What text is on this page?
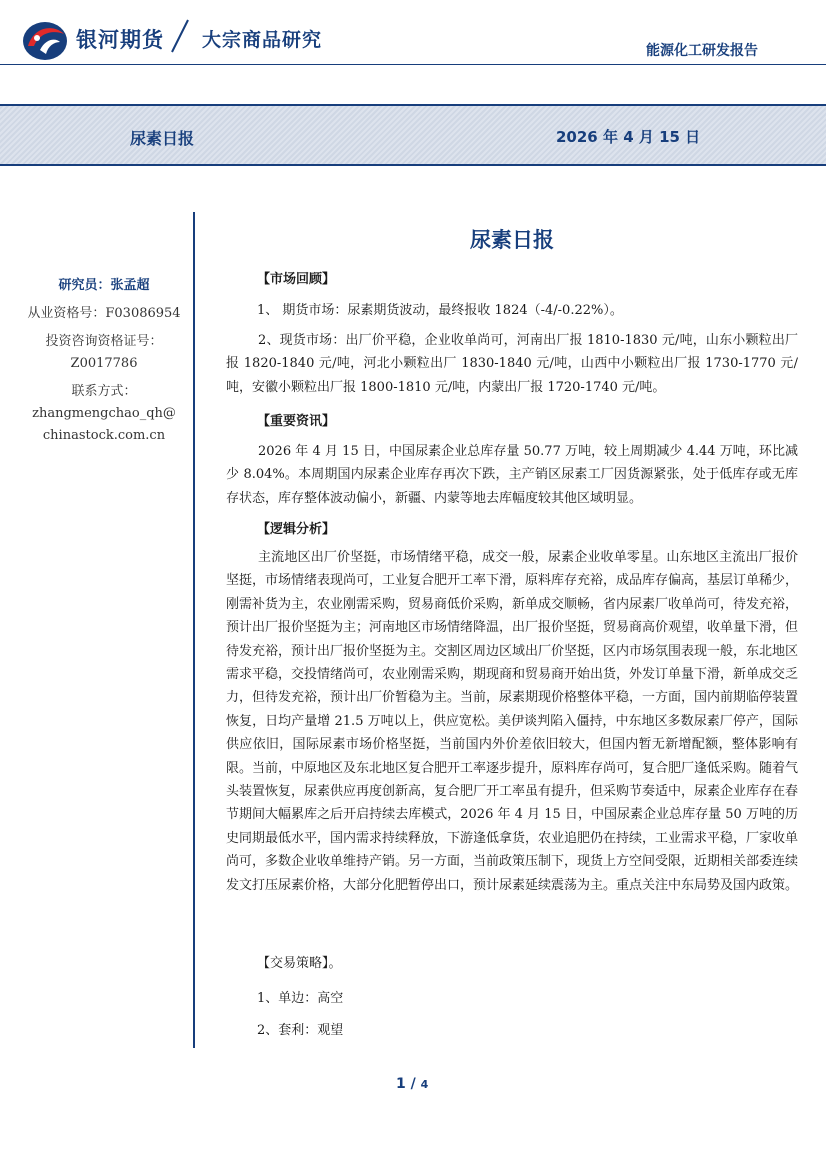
银河期货 大宗商品研究	能源化工研发报告
尿素日报	2026 年 4 月 15 日
研究员：张孟超
从业资格号：F03086954
投资咨询资格证号：
Z0017786
联系方式：
zhangmengchao_qh@
chinastock.com.cn
尿素日报
【市场回顾】
1、 期货市场：尿素期货波动，最终报收 1824（-4/-0.22%）。
2、现货市场：出厂价平稳，企业收单尚可，河南出厂报 1810-1830 元/吨，山东小颗粒出厂报 1820-1840 元/吨，河北小颗粒出厂 1830-1840 元/吨，山西中小颗粒出厂报 1730-1770 元/吨，安徽小颗粒出厂报 1800-1810 元/吨，内蒙出厂报 1720-1740 元/吨。
【重要资讯】
2026 年 4 月 15 日，中国尿素企业总库存量 50.77 万吨，较上周期减少 4.44 万吨，环比减少 8.04%。本周期国内尿素企业库存再次下跌，主产销区尿素工厂因货源紧张，处于低库存或无库存状态，库存整体波动偏小，新疆、内蒙等地去库幅度较其他区域明显。
【逻辑分析】
主流地区出厂价坚挺，市场情绪平稳，成交一般，尿素企业收单零星。山东地区主流出厂报价坚挺，市场情绪表现尚可，工业复合肥开工率下滑，原料库存充裕，成品库存偏高，基层订单稀少，刚需补货为主，农业刚需采购，贸易商低价采购，新单成交顺畅，省内尿素厂收单尚可，待发充裕，预计出厂报价坚挺为主；河南地区市场情绪降温，出厂报价坚挺，贸易商高价观望，收单量下滑，但待发充裕，预计出厂报价坚挺为主。交割区周边区域出厂价坚挺，区内市场氛围表现一般，东北地区需求平稳，交投情绪尚可，农业刚需采购，期现商和贸易商开始出货，外发订单量下滑，新单成交乏力，但待发充裕，预计出厂价暂稳为主。当前，尿素期现价格整体平稳，一方面，国内前期临停装置恢复，日均产量增 21.5 万吨以上，供应宽松。美伊谈判陷入僵持，中东地区多数尿素厂停产，国际供应依旧，国际尿素市场价格坚挺，当前国内外价差依旧较大，但国内暂无新增配额，整体影响有限。当前，中原地区及东北地区复合肥开工率逐步提升，原料库存尚可，复合肥厂逢低采购。随着气头装置恢复，尿素供应再度创新高，复合肥厂开工率虽有提升，但采购节奏适中，尿素企业库存在春节期间大幅累库之后开启持续去库模式，2026 年 4 月 15 日，中国尿素企业总库存量 50 万吨的历史同期最低水平，国内需求持续释放，下游逢低拿货，农业追肥仍在持续，工业需求平稳，厂家收单尚可，多数企业收单维持产销。另一方面，当前政策压制下，现货上方空间受限，近期相关部委连续发文打压尿素价格，大部分化肥暂停出口，预计尿素延续震荡为主。重点关注中东局势及国内政策。
【交易策略】。
1、单边：高空
2、套利：观望
1 / 4
